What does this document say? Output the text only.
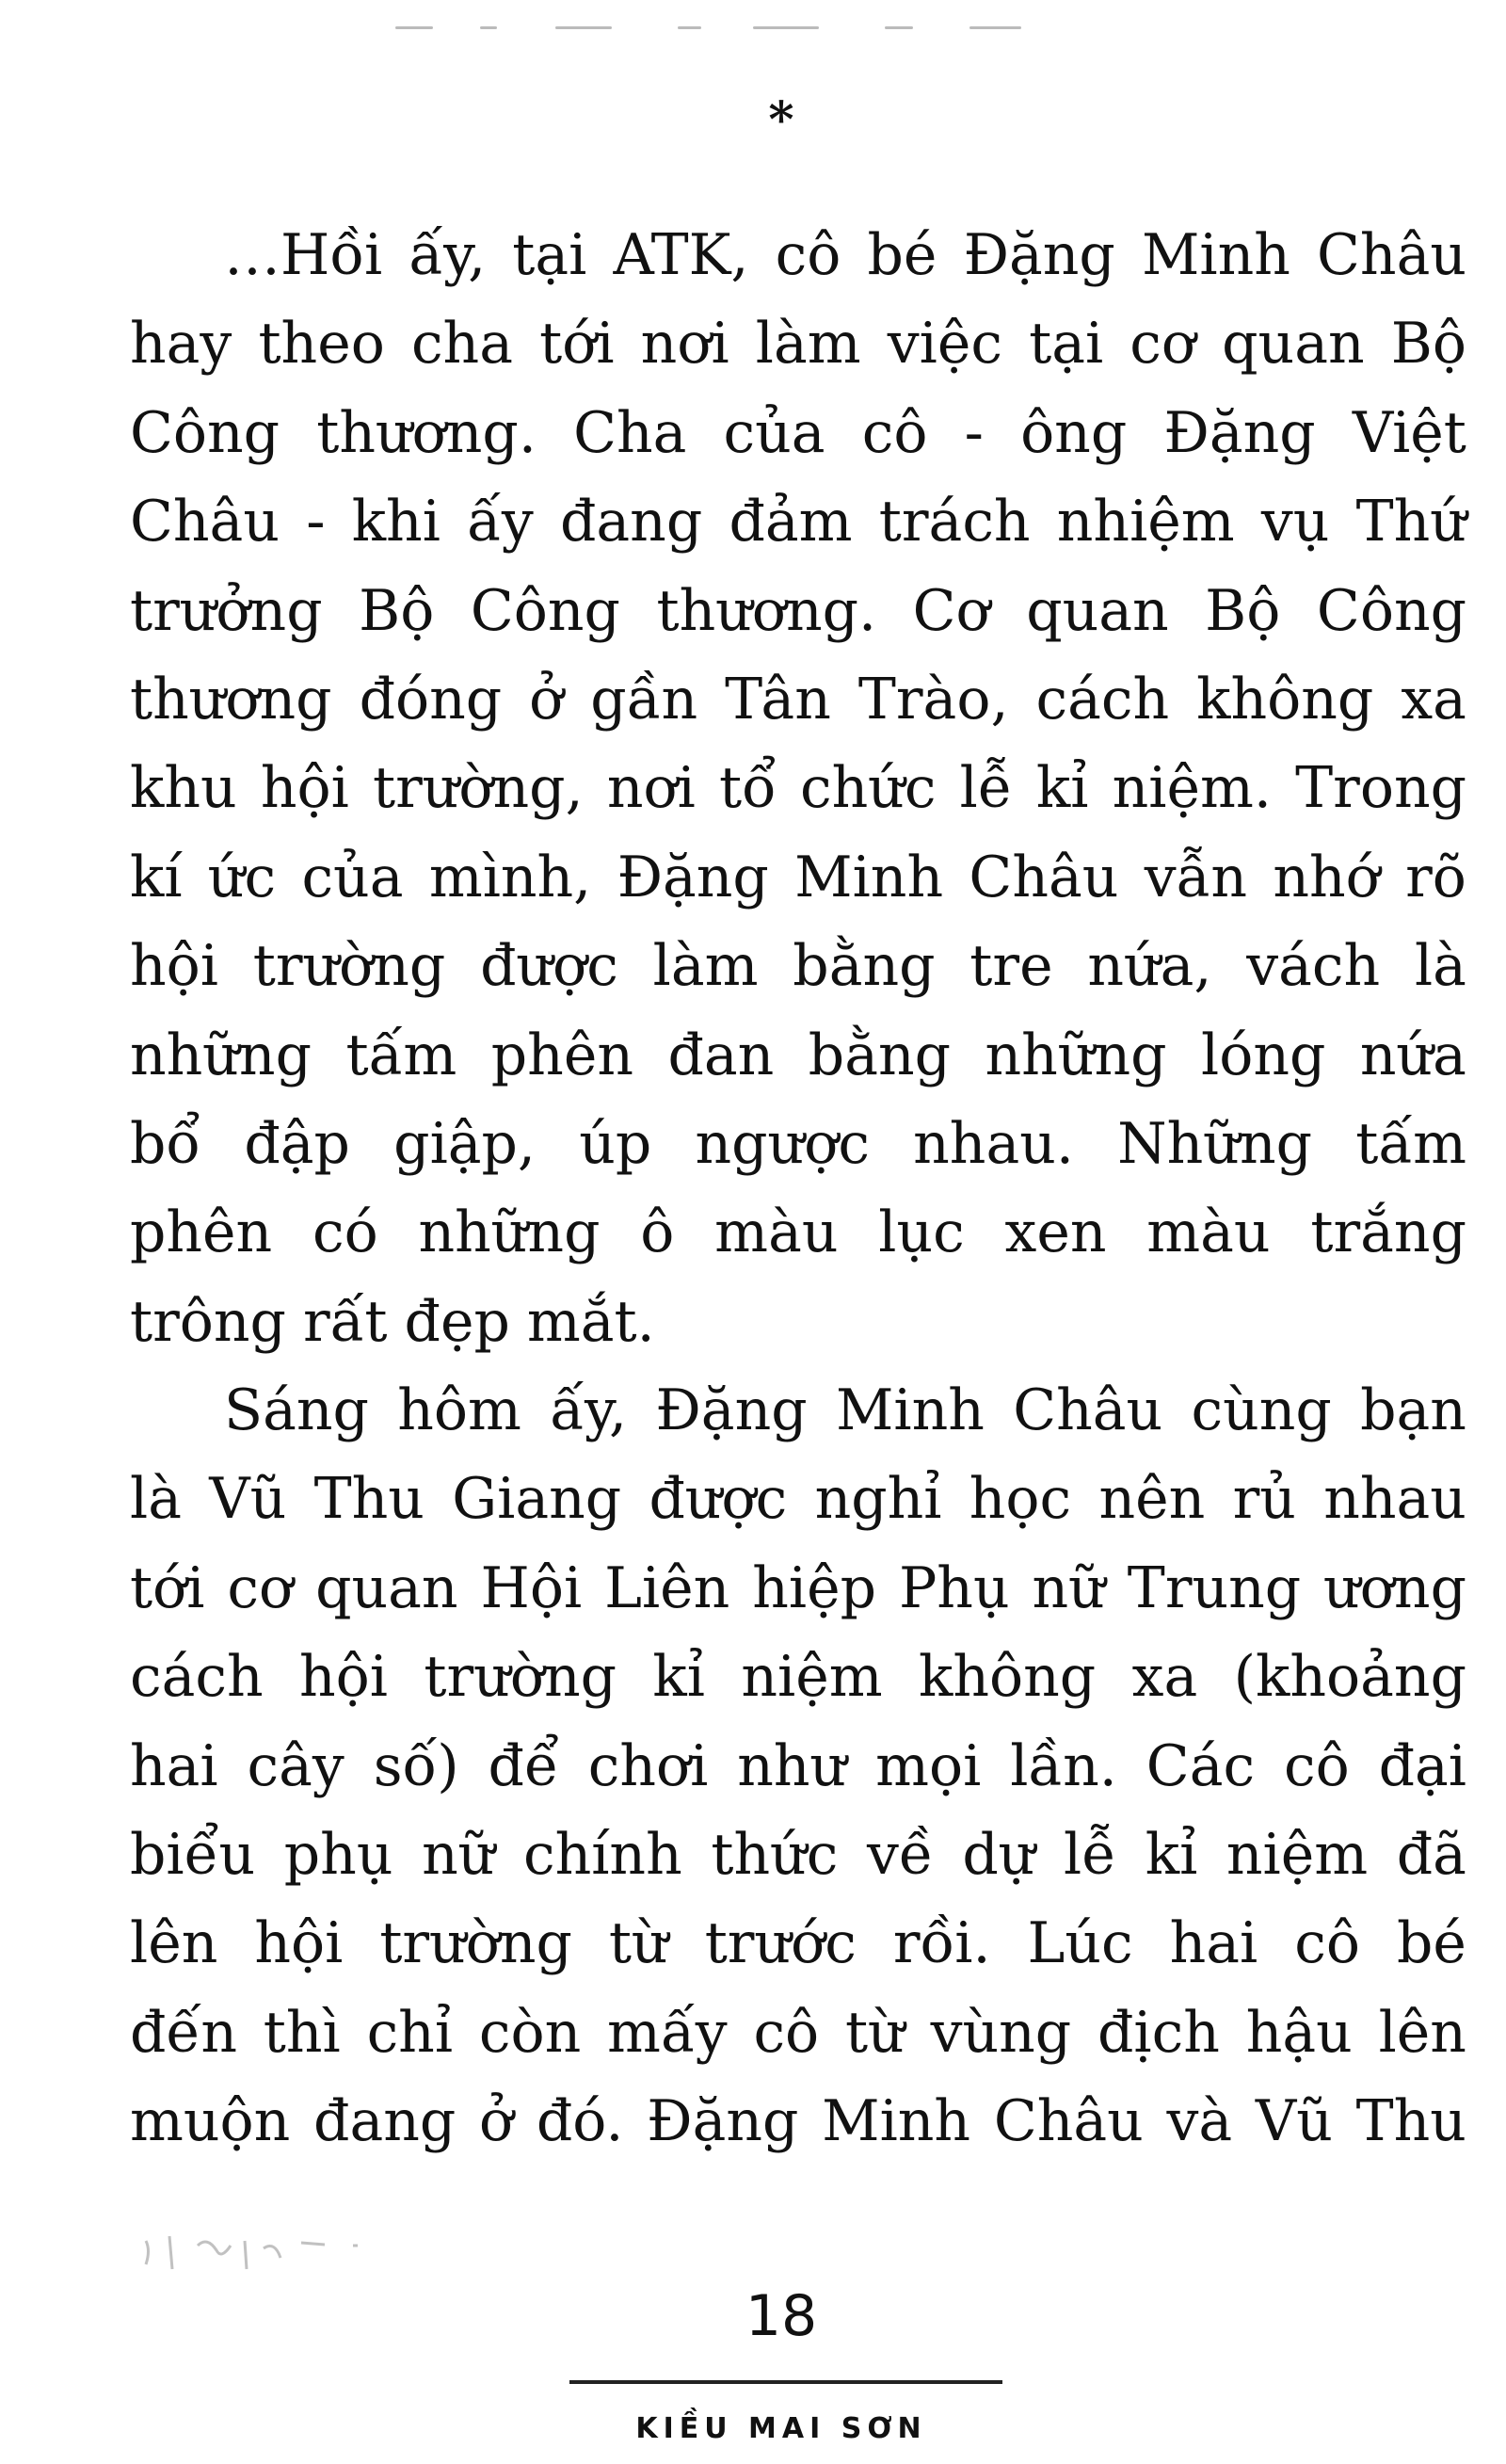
*
…Hồi ấy, tại ATK, cô bé Đặng Minh Châu
hay theo cha tới nơi làm việc tại cơ quan Bộ
Công thương. Cha của cô - ông Đặng Việt
Châu - khi ấy đang đảm trách nhiệm vụ Thứ
trưởng Bộ Công thương. Cơ quan Bộ Công
thương đóng ở gần Tân Trào, cách không xa
khu hội trường, nơi tổ chức lễ kỉ niệm. Trong
kí ức của mình, Đặng Minh Châu vẫn nhớ rõ
hội trường được làm bằng tre nứa, vách là
những tấm phên đan bằng những lóng nứa
bổ đập giập, úp ngược nhau. Những tấm
phên có những ô màu lục xen màu trắng
trông rất đẹp mắt.
Sáng hôm ấy, Đặng Minh Châu cùng bạn
là Vũ Thu Giang được nghỉ học nên rủ nhau
tới cơ quan Hội Liên hiệp Phụ nữ Trung ương
cách hội trường kỉ niệm không xa (khoảng
hai cây số) để chơi như mọi lần. Các cô đại
biểu phụ nữ chính thức về dự lễ kỉ niệm đã
lên hội trường từ trước rồi. Lúc hai cô bé
đến thì chỉ còn mấy cô từ vùng địch hậu lên
muộn đang ở đó. Đặng Minh Châu và Vũ Thu
18
KIỀU MAI SƠN
